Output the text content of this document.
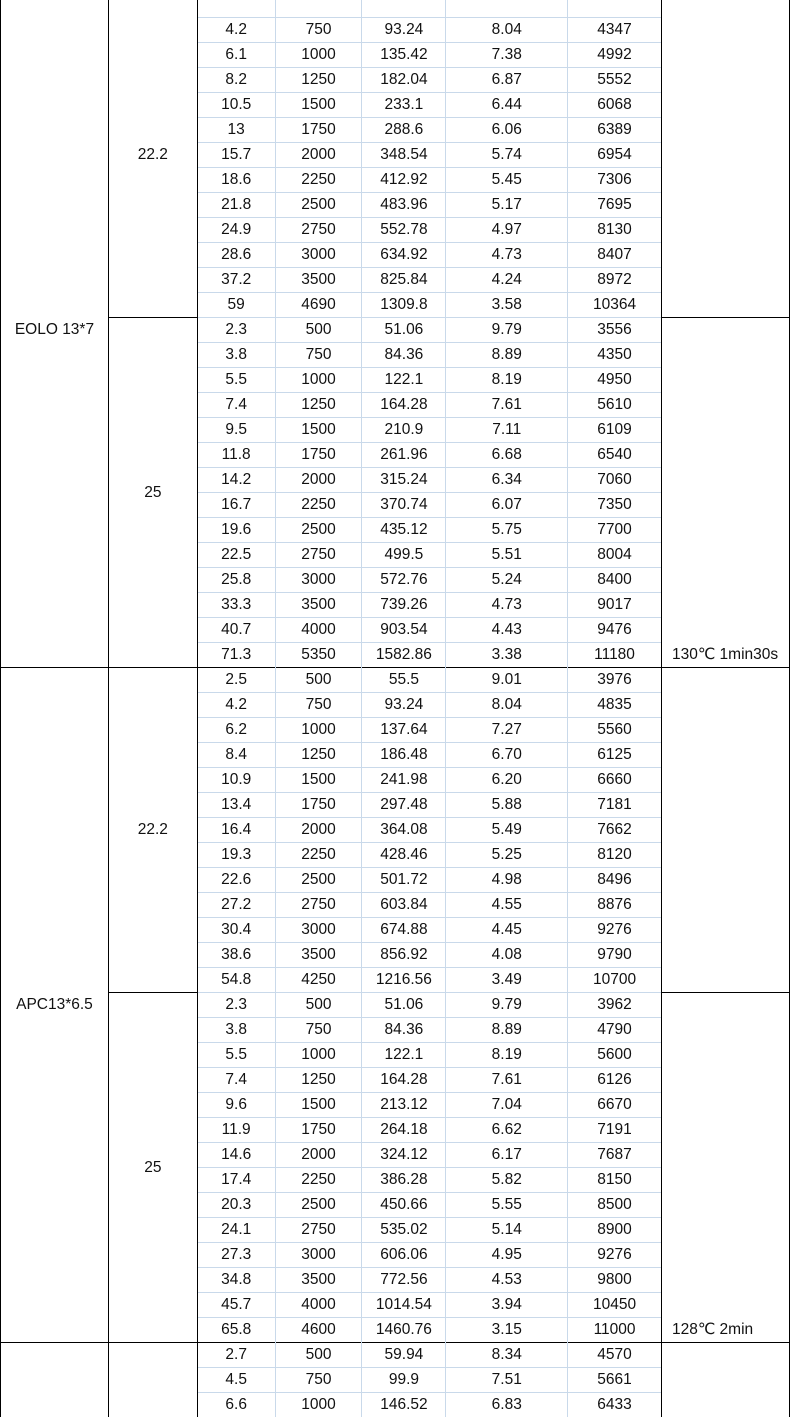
EOLO 13*7	22.2						
		4.2	750	93.24	8.04	4347	
		6.1	1000	135.42	7.38	4992	
		8.2	1250	182.04	6.87	5552	
		10.5	1500	233.1	6.44	6068	
		13	1750	288.6	6.06	6389	
		15.7	2000	348.54	5.74	6954	
		18.6	2250	412.92	5.45	7306	
		21.8	2500	483.96	5.17	7695	
		24.9	2750	552.78	4.97	8130	
		28.6	3000	634.92	4.73	8407	
		37.2	3500	825.84	4.24	8972	
		59	4690	1309.8	3.58	10364	
	25	2.3	500	51.06	9.79	3556	
		3.8	750	84.36	8.89	4350	
		5.5	1000	122.1	8.19	4950	
		7.4	1250	164.28	7.61	5610	
		9.5	1500	210.9	7.11	6109	
		11.8	1750	261.96	6.68	6540	
		14.2	2000	315.24	6.34	7060	
		16.7	2250	370.74	6.07	7350	
		19.6	2500	435.12	5.75	7700	
		22.5	2750	499.5	5.51	8004	
		25.8	3000	572.76	5.24	8400	
		33.3	3500	739.26	4.73	9017	
		40.7	4000	903.54	4.43	9476	
		71.3	5350	1582.86	3.38	11180	130℃ 1min30s
APC13*6.5	22.2	2.5	500	55.5	9.01	3976	
		4.2	750	93.24	8.04	4835	
		6.2	1000	137.64	7.27	5560	
		8.4	1250	186.48	6.70	6125	
		10.9	1500	241.98	6.20	6660	
		13.4	1750	297.48	5.88	7181	
		16.4	2000	364.08	5.49	7662	
		19.3	2250	428.46	5.25	8120	
		22.6	2500	501.72	4.98	8496	
		27.2	2750	603.84	4.55	8876	
		30.4	3000	674.88	4.45	9276	
		38.6	3500	856.92	4.08	9790	
		54.8	4250	1216.56	3.49	10700	
	25	2.3	500	51.06	9.79	3962	
		3.8	750	84.36	8.89	4790	
		5.5	1000	122.1	8.19	5600	
		7.4	1250	164.28	7.61	6126	
		9.6	1500	213.12	7.04	6670	
		11.9	1750	264.18	6.62	7191	
		14.6	2000	324.12	6.17	7687	
		17.4	2250	386.28	5.82	8150	
		20.3	2500	450.66	5.55	8500	
		24.1	2750	535.02	5.14	8900	
		27.3	3000	606.06	4.95	9276	
		34.8	3500	772.56	4.53	9800	
		45.7	4000	1014.54	3.94	10450	
		65.8	4600	1460.76	3.15	11000	128℃ 2min
		2.7	500	59.94	8.34	4570	
		4.5	750	99.9	7.51	5661	
		6.6	1000	146.52	6.83	6433	
